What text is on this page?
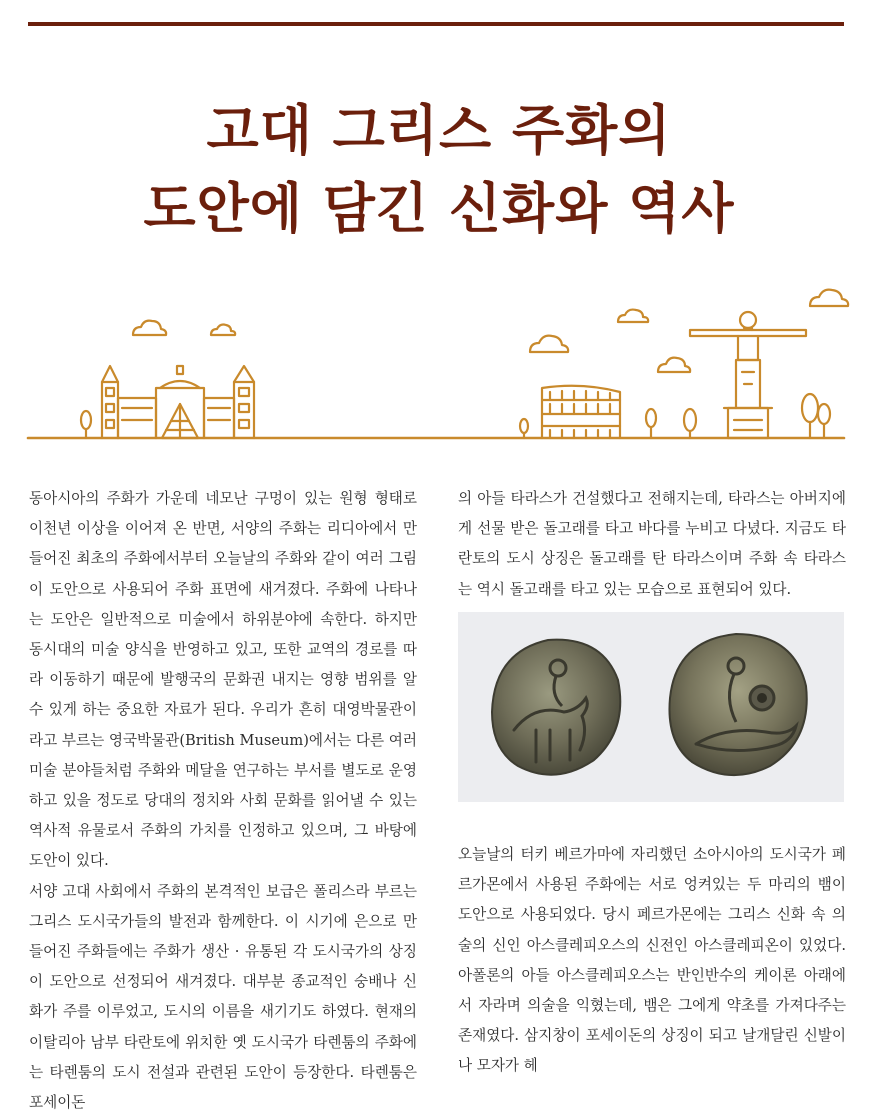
고대 그리스 주화의
도안에 담긴 신화와 역사

동아시아의 주화가 가운데 네모난 구멍이 있는 원형 형태로 이천년 이상을 이어져 온 반면, 서양의 주화는 리디아에서 만들어진 최초의 주화에서부터 오늘날의 주화와 같이 여러 그림이 도안으로 사용되어 주화 표면에 새겨졌다. 주화에 나타나는 도안은 일반적으로 미술에서 하위분야에 속한다. 하지만 동시대의 미술 양식을 반영하고 있고, 또한 교역의 경로를 따라 이동하기 때문에 발행국의 문화권 내지는 영향 범위를 알 수 있게 하는 중요한 자료가 된다. 우리가 흔히 대영박물관이라고 부르는 영국박물관(British Museum)에서는 다른 여러 미술 분야들처럼 주화와 메달을 연구하는 부서를 별도로 운영하고 있을 정도로 당대의 정치와 사회 문화를 읽어낼 수 있는 역사적 유물로서 주화의 가치를 인정하고 있으며, 그 바탕에 도안이 있다.

서양 고대 사회에서 주화의 본격적인 보급은 폴리스라 부르는 그리스 도시국가들의 발전과 함께한다. 이 시기에 은으로 만들어진 주화들에는 주화가 생산 · 유통된 각 도시국가의 상징이 도안으로 선정되어 새겨졌다. 대부분 종교적인 숭배나 신화가 주를 이루었고, 도시의 이름을 새기기도 하였다. 현재의 이탈리아 남부 타란토에 위치한 옛 도시국가 타렌툼의 주화에는 타렌툼의 도시 전설과 관련된 도안이 등장한다. 타렌툼은 포세이돈

의 아들 타라스가 건설했다고 전해지는데, 타라스는 아버지에게 선물 받은 돌고래를 타고 바다를 누비고 다녔다. 지금도 타란토의 도시 상징은 돌고래를 탄 타라스이며 주화 속 타라스는 역시 돌고래를 타고 있는 모습으로 표현되어 있다.

오늘날의 터키 베르가마에 자리했던 소아시아의 도시국가 페르가몬에서 사용된 주화에는 서로 엉켜있는 두 마리의 뱀이 도안으로 사용되었다. 당시 페르가몬에는 그리스 신화 속 의술의 신인 아스클레피오스의 신전인 아스클레피온이 있었다. 아폴론의 아들 아스클레피오스는 반인반수의 케이론 아래에서 자라며 의술을 익혔는데, 뱀은 그에게 약초를 가져다주는 존재였다. 삼지창이 포세이돈의 상징이 되고 날개달린 신발이나 모자가 헤
